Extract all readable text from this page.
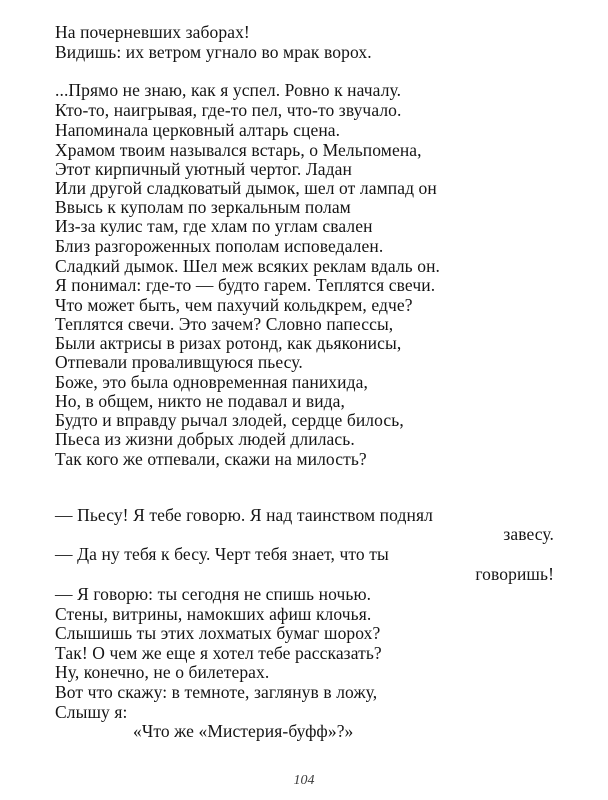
На почерневших заборах!
Видишь: их ветром угнало во мрак ворох.
...Прямо не знаю, как я успел. Ровно к началу.
Кто-то, наигрывая, где-то пел, что-то звучало.
Напоминала церковный алтарь сцена.
Храмом твоим назывался встарь, о Мельпомена,
Этот кирпичный уютный чертог. Ладан
Или другой сладковатый дымок, шел от лампад он
Ввысь к куполам по зеркальным полам
Из-за кулис там, где хлам по углам свален
Близ разгороженных пополам исповедален.
Сладкий дымок. Шел меж всяких реклам вдаль он.
Я понимал: где-то — будто гарем. Теплятся свечи.
Что может быть, чем пахучий кольдкрем, едче?
Теплятся свечи. Это зачем? Словно папессы,
Были актрисы в ризах ротонд, как дьяконисы,
Отпевали проваливщуюся пьесу.
Боже, это была одновременная панихида,
Но, в общем, никто не подавал и вида,
Будто и вправду рычал злодей, сердце билось,
Пьеса из жизни добрых людей длилась.
Так кого же отпевали, скажи на милость?
— Пьесу! Я тебе говорю. Я над таинством поднял
завесу.
— Да ну тебя к бесу. Черт тебя знает, что ты
говоришь!
— Я говорю: ты сегодня не спишь ночью.
Стены, витрины, намокших афиш клочья.
Слышишь ты этих лохматых бумаг шорох?
Так! О чем же еще я хотел тебе рассказать?
Ну, конечно, не о билетерах.
Вот что скажу: в темноте, заглянув в ложу,
Слышу я:
«Что же «Мистерия-буфф»?»
104
